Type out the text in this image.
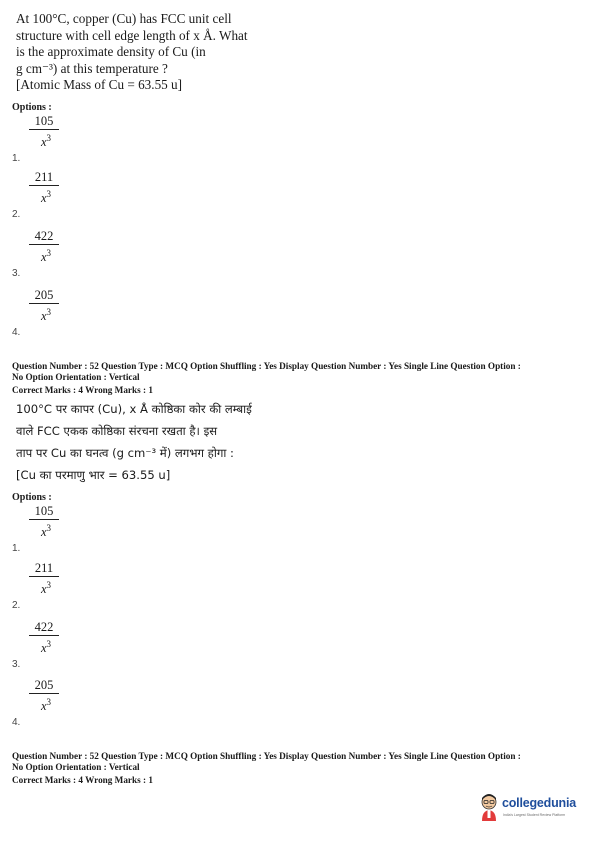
At 100°C, copper (Cu) has FCC unit cell
structure with cell edge length of x Å. What
is the approximate density of Cu (in
g cm⁻³) at this temperature ?
[Atomic Mass of Cu = 63.55 u]
Options :
$\frac{105}{x^3}$
1.
$\frac{211}{x^3}$
2.
$\frac{422}{x^3}$
3.
$\frac{205}{x^3}$
4.
Question Number : 52 Question Type : MCQ Option Shuffling : Yes Display Question Number : Yes Single Line Question Option :
No Option Orientation : Vertical
Correct Marks : 4 Wrong Marks : 1
100°C पर कापर (Cu), x Å कोष्ठिका कोर की लम्बाई
वाले FCC एकक कोष्ठिका संरचना रखता है। इस
ताप पर Cu का घनत्व (g cm⁻³ में) लगभग होगा :
[Cu का परमाणु भार = 63.55 u]
Options :
$\frac{105}{x^3}$
1.
$\frac{211}{x^3}$
2.
$\frac{422}{x^3}$
3.
$\frac{205}{x^3}$
4.
Question Number : 52 Question Type : MCQ Option Shuffling : Yes Display Question Number : Yes Single Line Question Option :
No Option Orientation : Vertical
Correct Marks : 4 Wrong Marks : 1
collegedunia
India's Largest Student Review Platform
